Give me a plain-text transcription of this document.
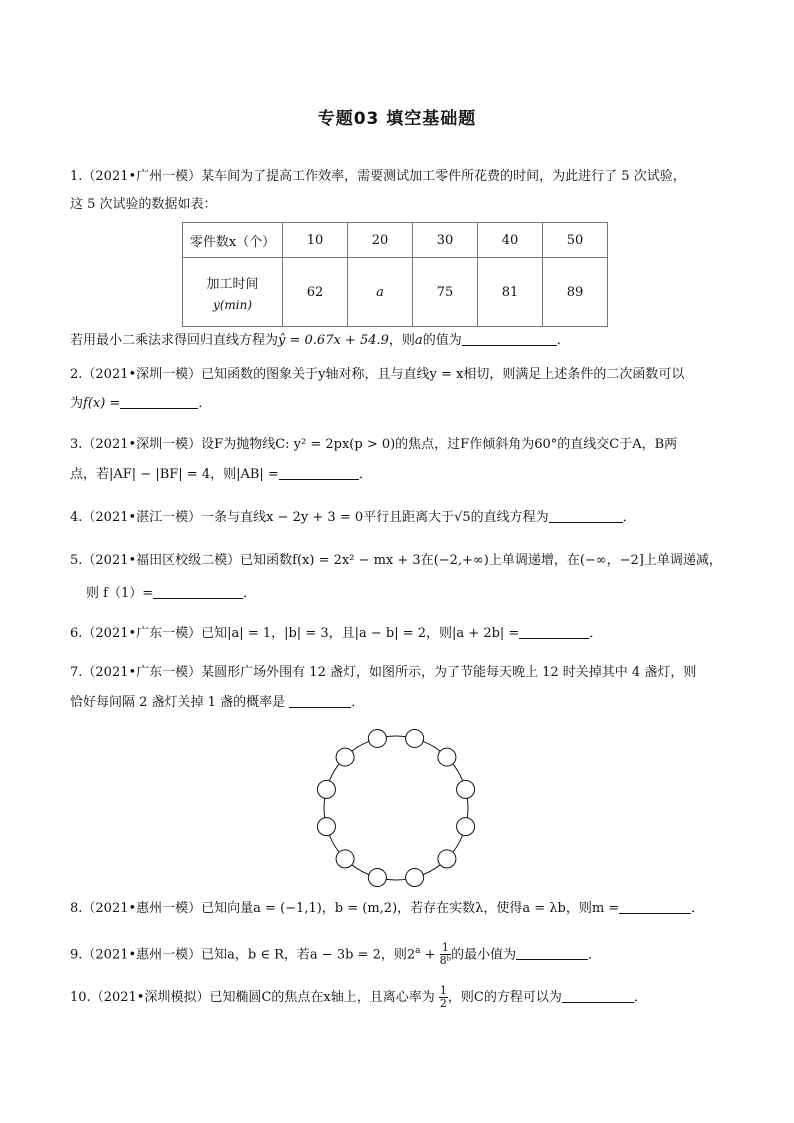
专题03 填空基础题
1.（2021•广州一模）某车间为了提高工作效率，需要测试加工零件所花费的时间，为此进行了 5 次试验，
这 5 次试验的数据如表：
零件数x（个）	10	20	30	40	50
加工时间
y(min)	62	a	75	81	89
若用最小二乘法求得回归直线方程为ŷ = 0.67x + 54.9，则a的值为	．
2.（2021•深圳一模）已知函数的图象关于y轴对称，且与直线y = x相切，则满足上述条件的二次函数可以
为f(x) =	．
3.（2021•深圳一模）设F为抛物线C: y² = 2px(p > 0)的焦点，过F作倾斜角为60°的直线交C于A，B两
点，若|AF| − |BF| = 4，则|AB| =	．
4.（2021•湛江一模）一条与直线x − 2y + 3 = 0平行且距离大于√5的直线方程为	．
5.（2021•福田区校级二模）已知函数f(x) = 2x² − mx + 3在(−2,+∞)上单调递增，在(−∞，−2]上单调递减，
则 f（1）=	．
6.（2021•广东一模）已知|a| = 1，|b| = 3，且|a − b| = 2，则|a + 2b| =	．
7.（2021•广东一模）某圆形广场外围有 12 盏灯，如图所示，为了节能每天晚上 12 时关掉其中 4 盏灯，则
恰好每间隔 2 盏灯关掉 1 盏的概率是	．
8.（2021•惠州一模）已知向量a = (−1,1)，b = (m,2)，若存在实数λ，使得a = λb，则m =	．
9.（2021•惠州一模）已知a，b ∈ R，若a − 3b = 2，则$2^a + \frac{1}{\text{8ᵇ}}$ 的最小值为	．
10.（2021•深圳模拟）已知椭圆C的焦点在x轴上，且离心率为 $\frac{1}{2}$ ，则C的方程可以为	．
